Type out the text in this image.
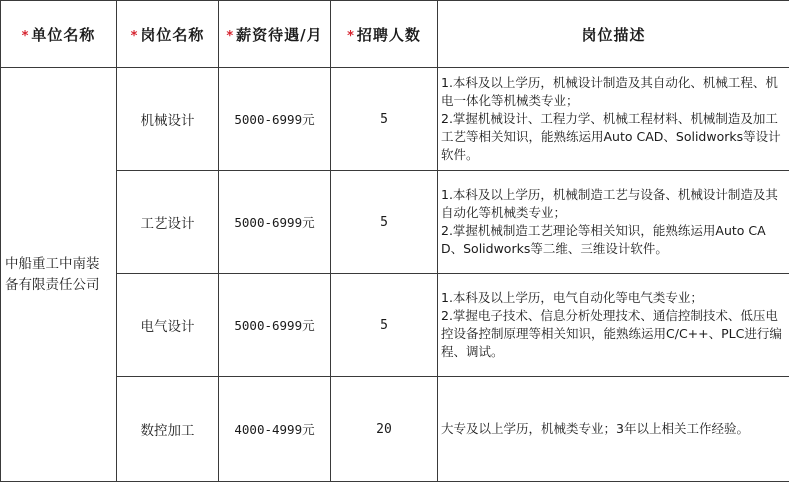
* 单位名称	* 岗位名称	* 薪资待遇/月	* 招聘人数	岗位描述
中船重工中南装备有限责任公司	机械设计	5000-6999元	5	1.本科及以上学历，机械设计制造及其自动化、机械工程、机电一体化等机械类专业；
2.掌握机械设计、工程力学、机械工程材料、机械制造及加工工艺等相关知识，能熟练运用Auto CAD、Solidworks等设计软件。

	工艺设计	5000-6999元	5	1.本科及以上学历，机械制造工艺与设备、机械设计制造及其自动化等机械类专业；
2.掌握机械制造工艺理论等相关知识，能熟练运用Auto CAD、Solidworks等二维、三维设计软件。

	电气设计	5000-6999元	5	1.本科及以上学历，电气自动化等电气类专业；
2.掌握电子技术、信息分析处理技术、通信控制技术、低压电控设备控制原理等相关知识，能熟练运用C/C++、PLC进行编程、调试。

	数控加工	4000-4999元	20	大专及以上学历，机械类专业；3年以上相关工作经验。
